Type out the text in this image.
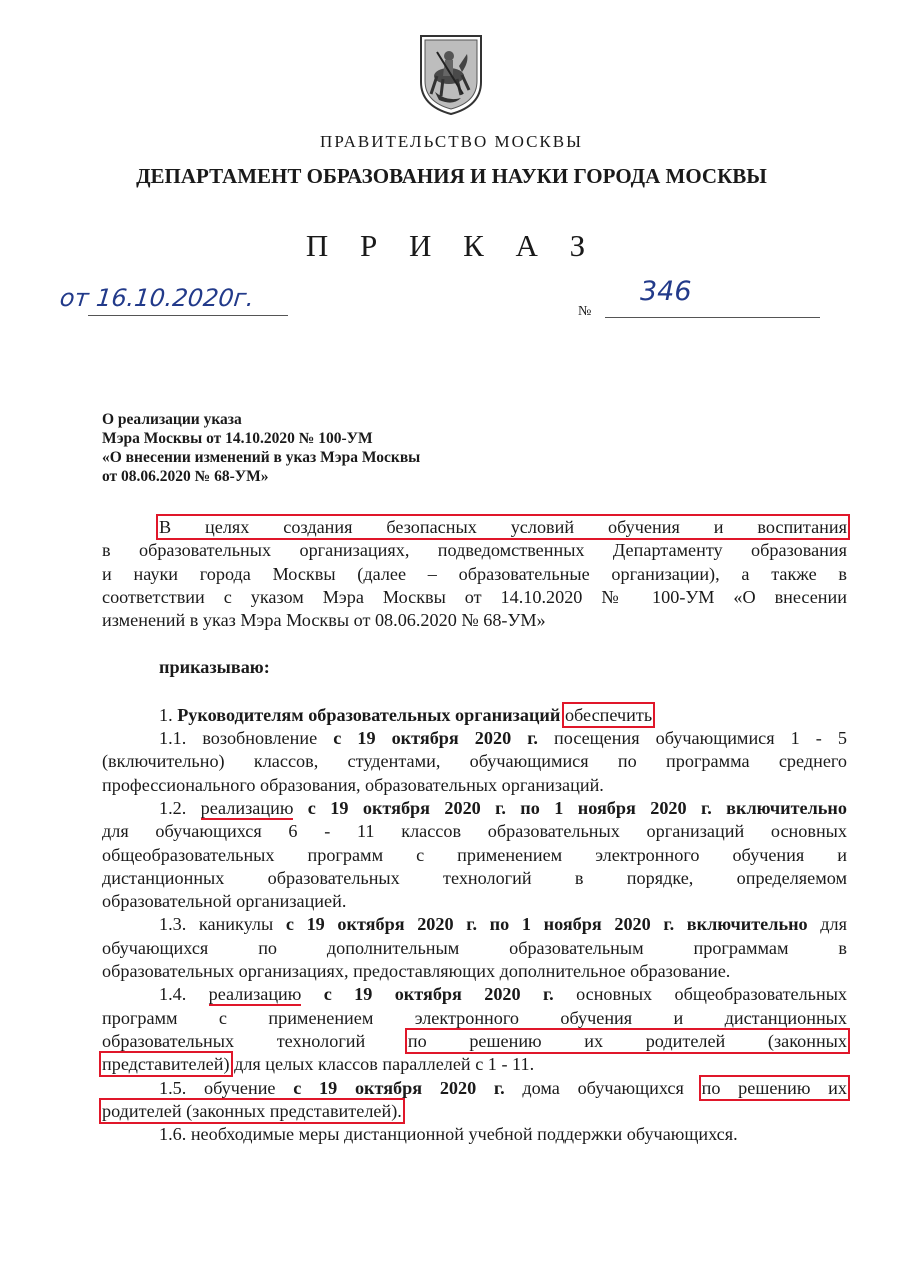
ПРАВИТЕЛЬСТВО МОСКВЫ
ДЕПАРТАМЕНТ ОБРАЗОВАНИЯ И НАУКИ ГОРОДА МОСКВЫ
П Р И К А З
от 16.10.2020г.	№
346
О реализации указа
Мэра Москвы от 14.10.2020 № 100-УМ
«О внесении изменений в указ Мэра Москвы
от 08.06.2020 № 68-УМ»

В целях создания безопасных условий обучения и воспитания

в образовательных организациях, подведомственных Департаменту образования

и науки города Москвы (далее – образовательные организации), а также в

соответствии с указом Мэра Москвы от 14.10.2020 № 100-УМ «О внесении

изменений в указ Мэра Москвы от 08.06.2020 № 68-УМ»

приказываю:

1. Руководителям образовательных организаций обеспечить

1.1. возобновление с 19 октября 2020 г. посещения обучающимися 1 - 5

(включительно) классов, студентами, обучающимися по программа среднего

профессионального образования, образовательных организаций.

1.2. реализацию с 19 октября 2020 г. по 1 ноября 2020 г. включительно

для обучающихся 6 - 11 классов образовательных организаций основных

общеобразовательных программ с применением электронного обучения и

дистанционных образовательных технологий в порядке, определяемом

образовательной организацией.

1.3. каникулы с 19 октября 2020 г. по 1 ноября 2020 г. включительно для

обучающихся по дополнительным образовательным программам в

образовательных организациях, предоставляющих дополнительное образование.

1.4. реализацию с 19 октября 2020 г. основных общеобразовательных

программ с применением электронного обучения и дистанционных

образовательных технологий по решению их родителей (законных

представителей) для целых классов параллелей с 1 - 11.

1.5. обучение с 19 октября 2020 г. дома обучающихся по решению их

родителей (законных представителей).

1.6. необходимые меры дистанционной учебной поддержки обучающихся.
